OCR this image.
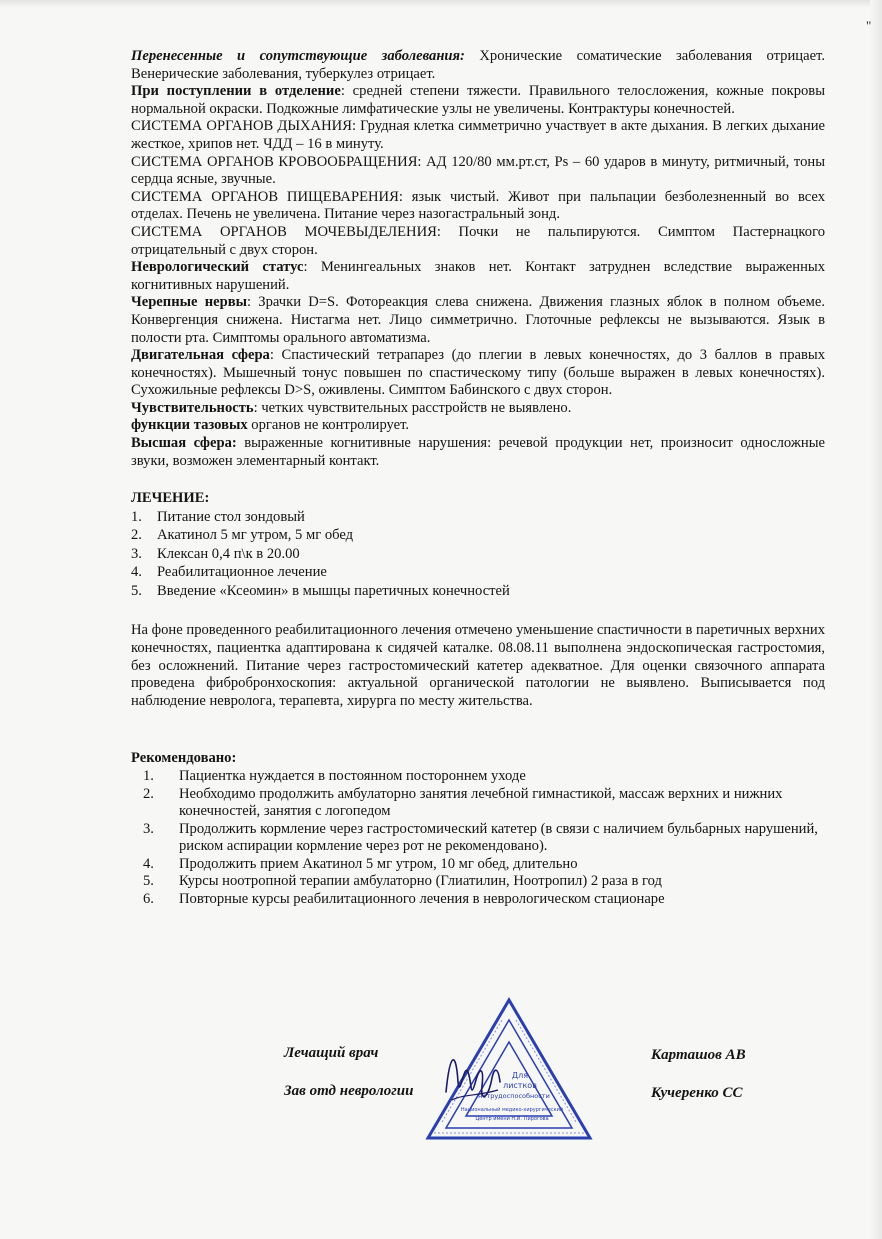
"

Перенесенные и сопутствующие заболевания: Хронические соматические заболевания отрицает. Венерические заболевания, туберкулез отрицает.

При поступлении в отделение: средней степени тяжести. Правильного телосложения, кожные покровы нормальной окраски. Подкожные лимфатические узлы не увеличены. Контрактуры конечностей.

СИСТЕМА ОРГАНОВ ДЫХАНИЯ: Грудная клетка симметрично участвует в акте дыхания. В легких дыхание жесткое, хрипов нет. ЧДД – 16 в минуту.

СИСТЕМА ОРГАНОВ КРОВООБРАЩЕНИЯ: АД 120/80 мм.рт.ст, Ps – 60 ударов в минуту, ритмичный, тоны сердца ясные, звучные.

СИСТЕМА ОРГАНОВ ПИЩЕВАРЕНИЯ: язык чистый. Живот при пальпации безболезненный во всех отделах. Печень не увеличена. Питание через назогастральный зонд.

СИСТЕМА ОРГАНОВ МОЧЕВЫДЕЛЕНИЯ: Почки не пальпируются. Симптом Пастернацкого отрицательный с двух сторон.

Неврологический статус: Менингеальных знаков нет. Контакт затруднен вследствие выраженных когнитивных нарушений.

Черепные нервы: Зрачки D=S. Фотореакция слева снижена. Движения глазных яблок в полном объеме. Конвергенция снижена. Нистагма нет. Лицо симметрично. Глоточные рефлексы не вызываются. Язык в полости рта. Симптомы орального автоматизма.

Двигательная сфера: Спастический тетрапарез (до плегии в левых конечностях, до 3 баллов в правых конечностях). Мышечный тонус повышен по спастическому типу (больше выражен в левых конечностях). Сухожильные рефлексы D>S, оживлены. Симптом Бабинского с двух сторон.

Чувствительность: четких чувствительных расстройств не выявлено.

функции тазовых органов не контролирует.

Высшая сфера: выраженные когнитивные нарушения: речевой продукции нет, произносит односложные звуки, возможен элементарный контакт.

ЛЕЧЕНИЕ:

1.	Питание стол зондовый
2.	Акатинол 5 мг утром, 5 мг обед
3.	Клексан 0,4 п\к в 20.00
4.	Реабилитационное лечение
5.	Введение «Ксеомин» в мышцы паретичных конечностей

На фоне проведенного реабилитационного лечения отмечено уменьшение спастичности в паретичных верхних конечностях, пациентка адаптирована к сидячей каталке. 08.08.11 выполнена эндоскопическая гастростомия, без осложнений. Питание через гастростомический катетер адекватное. Для оценки связочного аппарата проведена фибробронхоскопия: актуальной органической патологии не выявлено. Выписывается под наблюдение невролога, терапевта, хирурга по месту жительства.

Рекомендовано:

1.	Пациентка нуждается в постоянном постороннем уходе
2.	Необходимо продолжить амбулаторно занятия лечебной гимнастикой, массаж верхних и нижних конечностей, занятия с логопедом
3.	Продолжить кормление через гастростомический катетер (в связи с наличием бульбарных нарушений, риском аспирации кормление через рот не рекомендовано).
4.	Продолжить прием Акатинол 5 мг утром, 10 мг обед, длительно
5.	Курсы ноотропной терапии амбулаторно (Глиатилин, Ноотропил) 2 раза в год
6.	Повторные курсы реабилитационного лечения в неврологическом стационаре
Лечащий врач	Карташов АВ
Зав отд неврологии	Кучеренко СС
Для
листков
нетрудоспособности
Национальный медико-хирургический
Центр имени Н.И. Пирогова
